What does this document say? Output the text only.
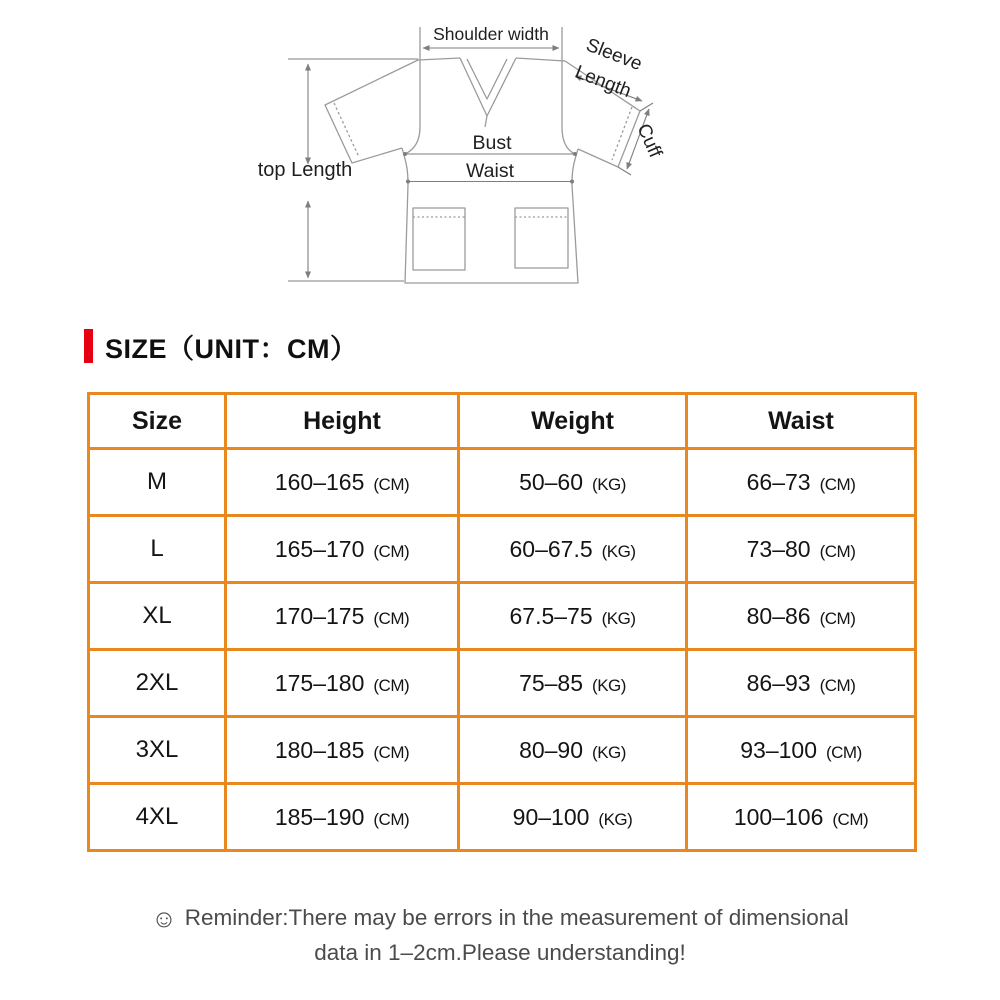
Shoulder width
top Length
Bust
Waist
Sleeve
Length
Cuff
SIZE（UNIT：CM）
Size	Height	Weight	Waist
M	160–165 (CM)	50–60 (KG)	66–73 (CM)
L	165–170 (CM)	60–67.5 (KG)	73–80 (CM)
XL	170–175 (CM)	67.5–75 (KG)	80–86 (CM)
2XL	175–180 (CM)	75–85 (KG)	86–93 (CM)
3XL	180–185 (CM)	80–90 (KG)	93–100 (CM)
4XL	185–190 (CM)	90–100 (KG)	100–106 (CM)

☺ Reminder:There may be errors in the measurement of dimensional

data in 1–2cm.Please understanding!
